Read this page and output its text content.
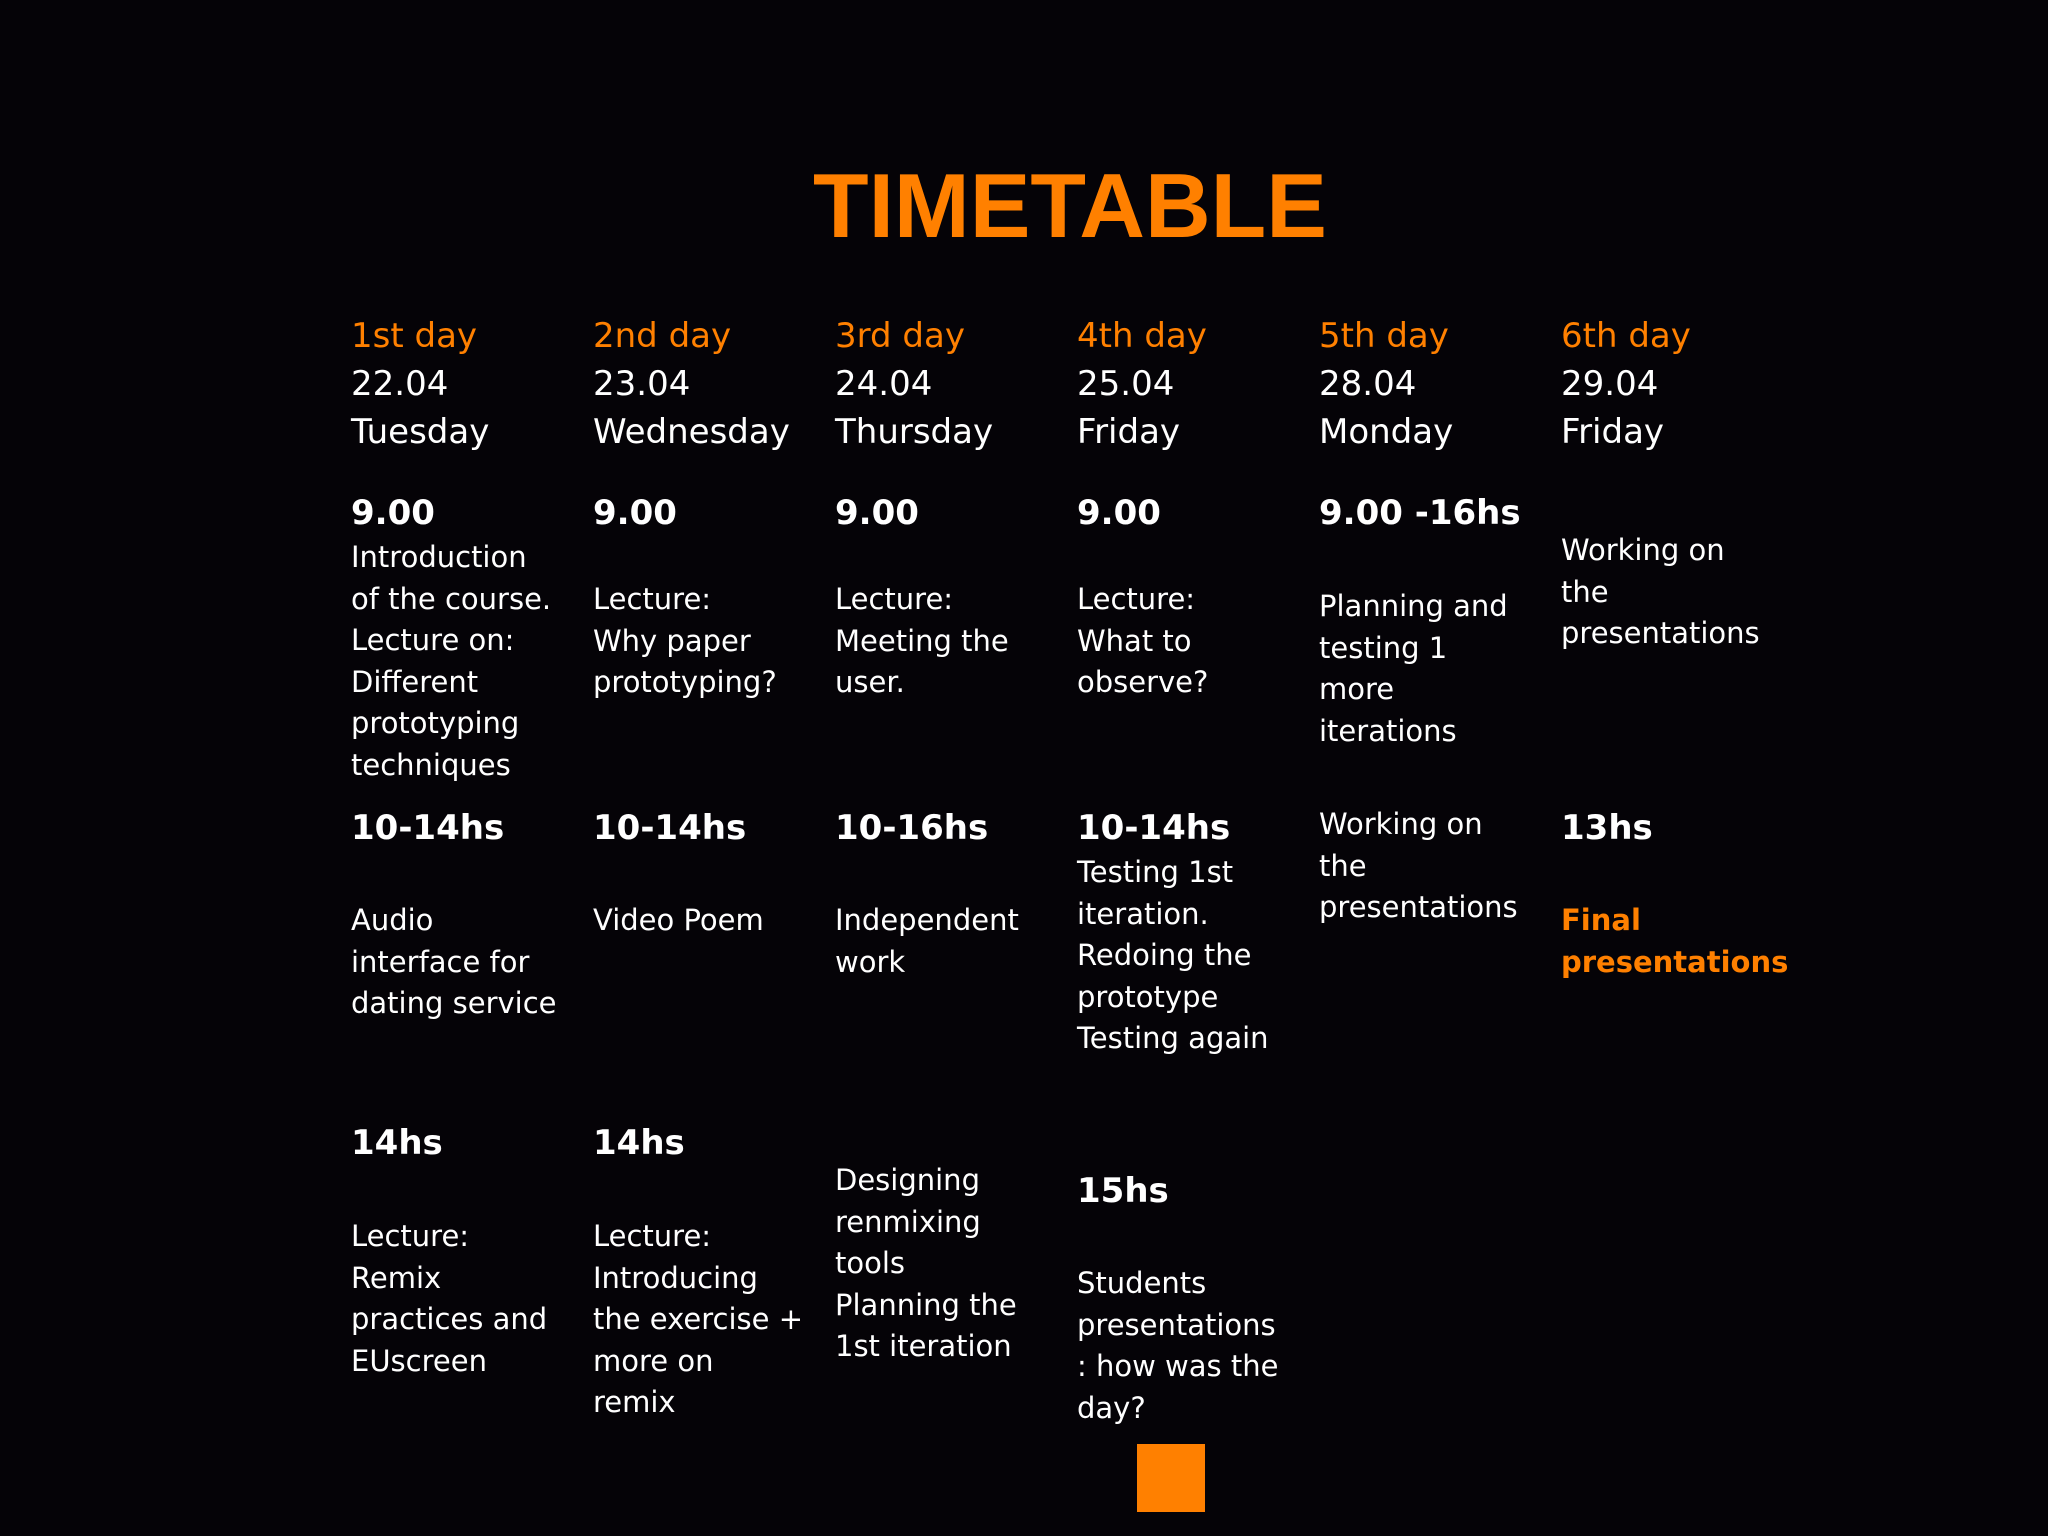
TIMETABLE
1st day
22.04
Tuesday
9.00
Introduction
of the course.
Lecture on:
Different
prototyping
techniques
10-14hs
Audio
interface for
dating service
14hs
Lecture:
Remix
practices and
EUscreen
2nd day
23.04
Wednesday
9.00
Lecture:
Why paper
prototyping?
10-14hs
Video Poem
14hs
Lecture:
Introducing
the exercise +
more on
remix
3rd day
24.04
Thursday
9.00
Lecture:
Meeting the
user.
10-16hs
Independent
work
Designing
renmixing
tools
Planning the
1st iteration
4th day
25.04
Friday
9.00
Lecture:
What to
observe?
10-14hs
Testing 1st
iteration.
Redoing the
prototype
Testing again
15hs
Students
presentations
: how was the
day?
5th day
28.04
Monday
9.00 -16hs
Planning and
testing 1
more
iterations
Working on
the
presentations
6th day
29.04
Friday
Working on
the
presentations
13hs
Final
presentations
